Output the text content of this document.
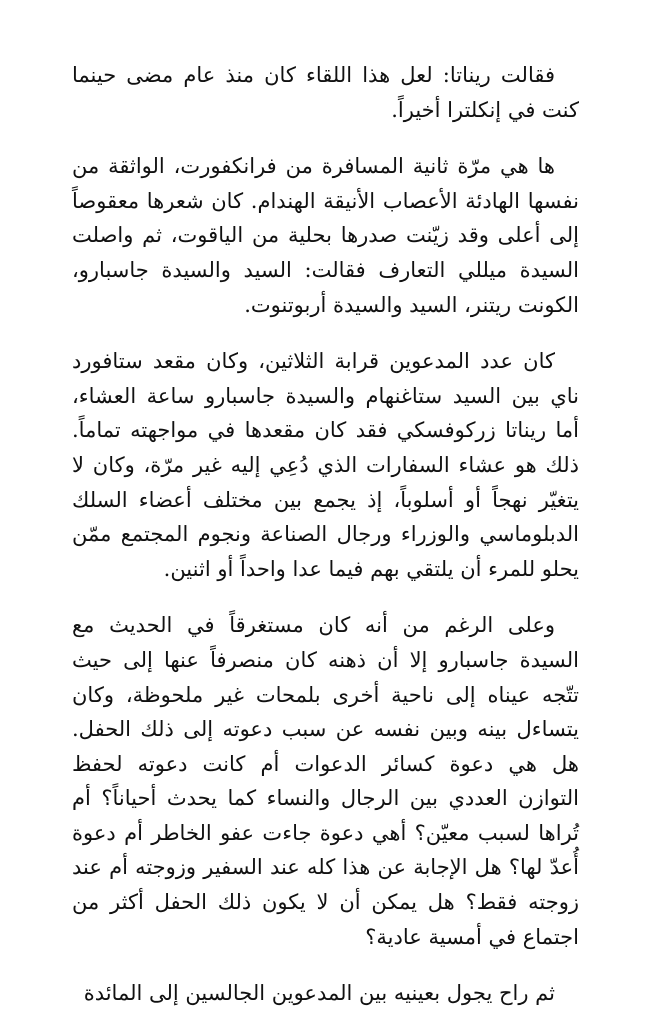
فقالت ريناتا: لعل هذا اللقاء كان منذ عام مضى حينما كنت في إنكلترا أخيراً.

ها هي مرّة ثانية المسافرة من فرانكفورت، الواثقة من نفسها الهادئة الأعصاب الأنيقة الهندام. كان شعرها معقوصاً إلى أعلى وقد زيّنت صدرها بحلية من الياقوت، ثم واصلت السيدة ميللي التعارف فقالت: السيد والسيدة جاسبارو، الكونت ريتنر، السيد والسيدة أربوتنوت.

كان عدد المدعوين قرابة الثلاثين، وكان مقعد ستافورد ناي بين السيد ستاغنهام والسيدة جاسبارو ساعة العشاء، أما ريناتا زركوفسكي فقد كان مقعدها في مواجهته تماماً. ذلك هو عشاء السفارات الذي دُعِي إليه غير مرّة، وكان لا يتغيّر نهجاً أو أسلوباً، إذ يجمع بين مختلف أعضاء السلك الدبلوماسي والوزراء ورجال الصناعة ونجوم المجتمع ممّن يحلو للمرء أن يلتقي بهم فيما عدا واحداً أو اثنين.

وعلى الرغم من أنه كان مستغرقاً في الحديث مع السيدة جاسبارو إلا أن ذهنه كان منصرفاً عنها إلى حيث تتّجه عيناه إلى ناحية أخرى بلمحات غير ملحوظة، وكان يتساءل بينه وبين نفسه عن سبب دعوته إلى ذلك الحفل. هل هي دعوة كسائر الدعوات أم كانت دعوته لحفظ التوازن العددي بين الرجال والنساء كما يحدث أحياناً؟ أم تُراها لسبب معيّن؟ أهي دعوة جاءت عفو الخاطر أم دعوة أُعدّ لها؟ هل الإجابة عن هذا كله عند السفير وزوجته أم عند زوجته فقط؟ هل يمكن أن لا يكون ذلك الحفل أكثر من اجتماع في أمسية عادية؟

ثم راح يجول بعينيه بين المدعوين الجالسين إلى المائدة
